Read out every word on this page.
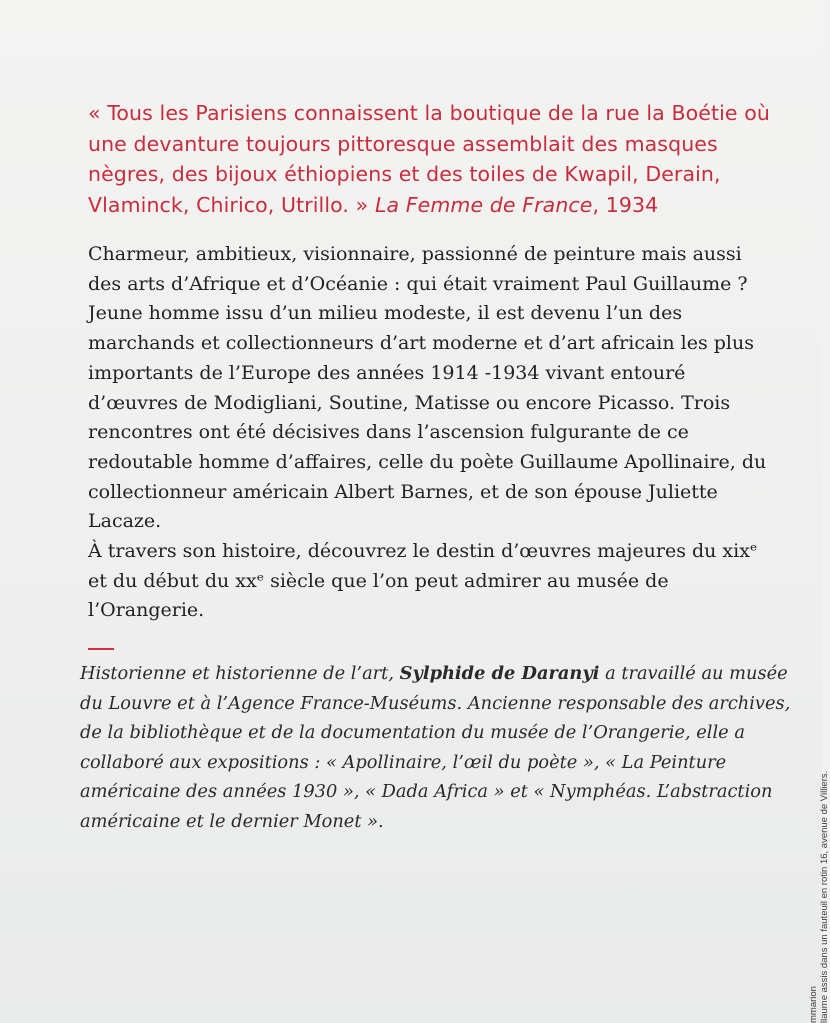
« Tous les Parisiens connaissent la boutique de la rue la Boétie où une devanture toujours pittoresque assemblait des masques nègres, des bijoux éthiopiens et des toiles de Kwapil, Derain, Vlaminck, Chirico, Utrillo. » La Femme de France, 1934

Charmeur, ambitieux, visionnaire, passionné de peinture mais aussi des arts d’Afrique et d’Océanie : qui était vraiment Paul Guillaume ? Jeune homme issu d’un milieu modeste, il est devenu l’un des marchands et collectionneurs d’art moderne et d’art africain les plus importants de l’Europe des années 1914 -1934 vivant entouré d’œuvres de Modigliani, Soutine, Matisse ou encore Picasso. Trois rencontres ont été décisives dans l’ascension fulgurante de ce redoutable homme d’affaires, celle du poète Guillaume Apollinaire, du collectionneur américain Albert Barnes, et de son épouse Juliette Lacaze.

À travers son histoire, découvrez le destin d’œuvres majeures du xixᵉ et du début du xxᵉ siècle que l’on peut admirer au musée de l’Orangerie.

Historienne et historienne de l’art, Sylphide de Daranyi a travaillé au musée du Louvre et à l’Agence France-Muséums. Ancienne responsable des archives, de la bibliothèque et de la documentation du musée de l’Orangerie, elle a collaboré aux expositions : « Apollinaire, l’œil du poète », « La Peinture américaine des années 1930 », « Dada Africa » et « Nymphéas. L’abstraction américaine et le dernier Monet ».
mmarion llaume assis dans un fauteuil en rotin 16, avenue de Villiers.
